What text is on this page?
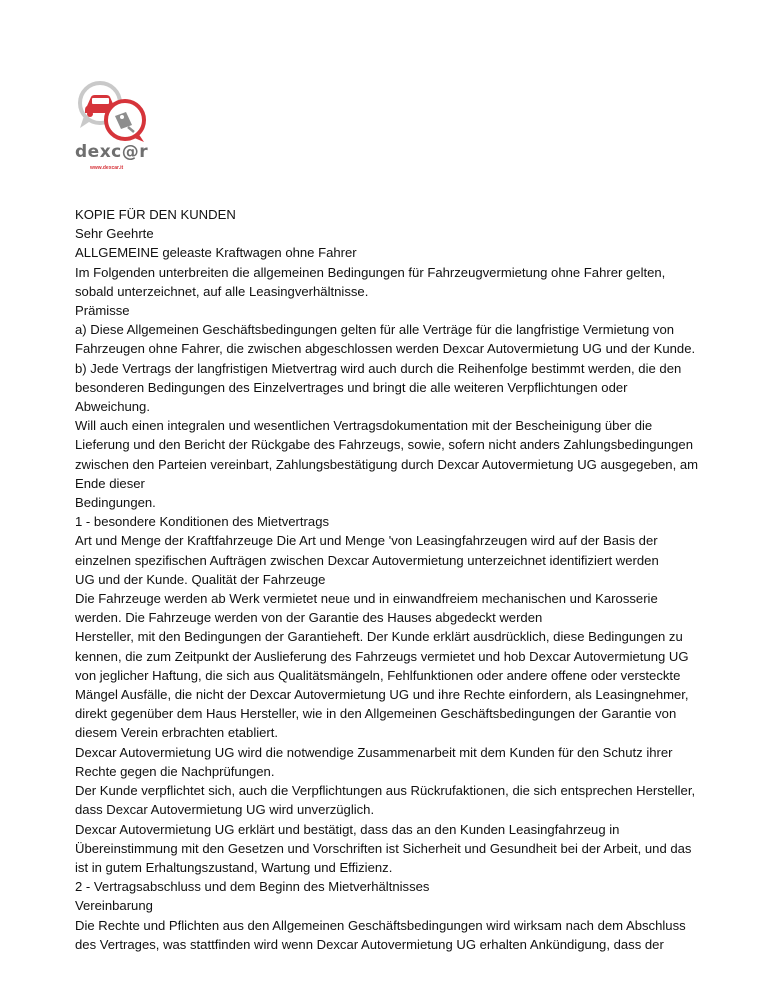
dexc@r
www.dexcar.it

KOPIE FÜR DEN KUNDEN

Sehr Geehrte

ALLGEMEINE geleaste Kraftwagen ohne Fahrer

Im Folgenden unterbreiten die allgemeinen Bedingungen für Fahrzeugvermietung ohne Fahrer gelten, sobald unterzeichnet, auf alle Leasingverhältnisse.

Prämisse

a) Diese Allgemeinen Geschäftsbedingungen gelten für alle Verträge für die langfristige Vermietung von Fahrzeugen ohne Fahrer, die zwischen abgeschlossen werden Dexcar Autovermietung UG und der Kunde.

b) Jede Vertrags der langfristigen Mietvertrag wird auch durch die Reihenfolge bestimmt werden, die den besonderen Bedingungen des Einzelvertrages und bringt die alle weiteren Verpflichtungen oder Abweichung.

Will auch einen integralen und wesentlichen Vertragsdokumentation mit der Bescheinigung über die Lieferung und den Bericht der Rückgabe des Fahrzeugs, sowie, sofern nicht anders Zahlungsbedingungen zwischen den Parteien vereinbart, Zahlungsbestätigung durch Dexcar Autovermietung UG ausgegeben, am Ende dieser

Bedingungen.

1 - besondere Konditionen des Mietvertrags

Art und Menge der Kraftfahrzeuge Die Art und Menge 'von Leasingfahrzeugen wird auf der Basis der einzelnen spezifischen Aufträgen zwischen Dexcar Autovermietung unterzeichnet identifiziert werden

UG und der Kunde. Qualität der Fahrzeuge

Die Fahrzeuge werden ab Werk vermietet neue und in einwandfreiem mechanischen und Karosserie werden. Die Fahrzeuge werden von der Garantie des Hauses abgedeckt werden

Hersteller, mit den Bedingungen der Garantieheft. Der Kunde erklärt ausdrücklich, diese Bedingungen zu kennen, die zum Zeitpunkt der Auslieferung des Fahrzeugs vermietet und hob Dexcar Autovermietung UG von jeglicher Haftung, die sich aus Qualitätsmängeln, Fehlfunktionen oder andere offene oder versteckte Mängel Ausfälle, die nicht der Dexcar Autovermietung UG und ihre Rechte einfordern, als Leasingnehmer, direkt gegenüber dem Haus Hersteller, wie in den Allgemeinen Geschäftsbedingungen der Garantie von diesem Verein erbrachten etabliert.

Dexcar Autovermietung UG wird die notwendige Zusammenarbeit mit dem Kunden für den Schutz ihrer Rechte gegen die Nachprüfungen.

Der Kunde verpflichtet sich, auch die Verpflichtungen aus Rückrufaktionen, die sich entsprechen Hersteller, dass Dexcar Autovermietung UG wird unverzüglich.

Dexcar Autovermietung UG erklärt und bestätigt, dass das an den Kunden Leasingfahrzeug in Übereinstimmung mit den Gesetzen und Vorschriften ist Sicherheit und Gesundheit bei der Arbeit, und das ist in gutem Erhaltungszustand, Wartung und Effizienz.

2 - Vertragsabschluss und dem Beginn des Mietverhältnisses

Vereinbarung

Die Rechte und Pflichten aus den Allgemeinen Geschäftsbedingungen wird wirksam nach dem Abschluss des Vertrages, was stattfinden wird wenn Dexcar Autovermietung UG erhalten Ankündigung, dass der
